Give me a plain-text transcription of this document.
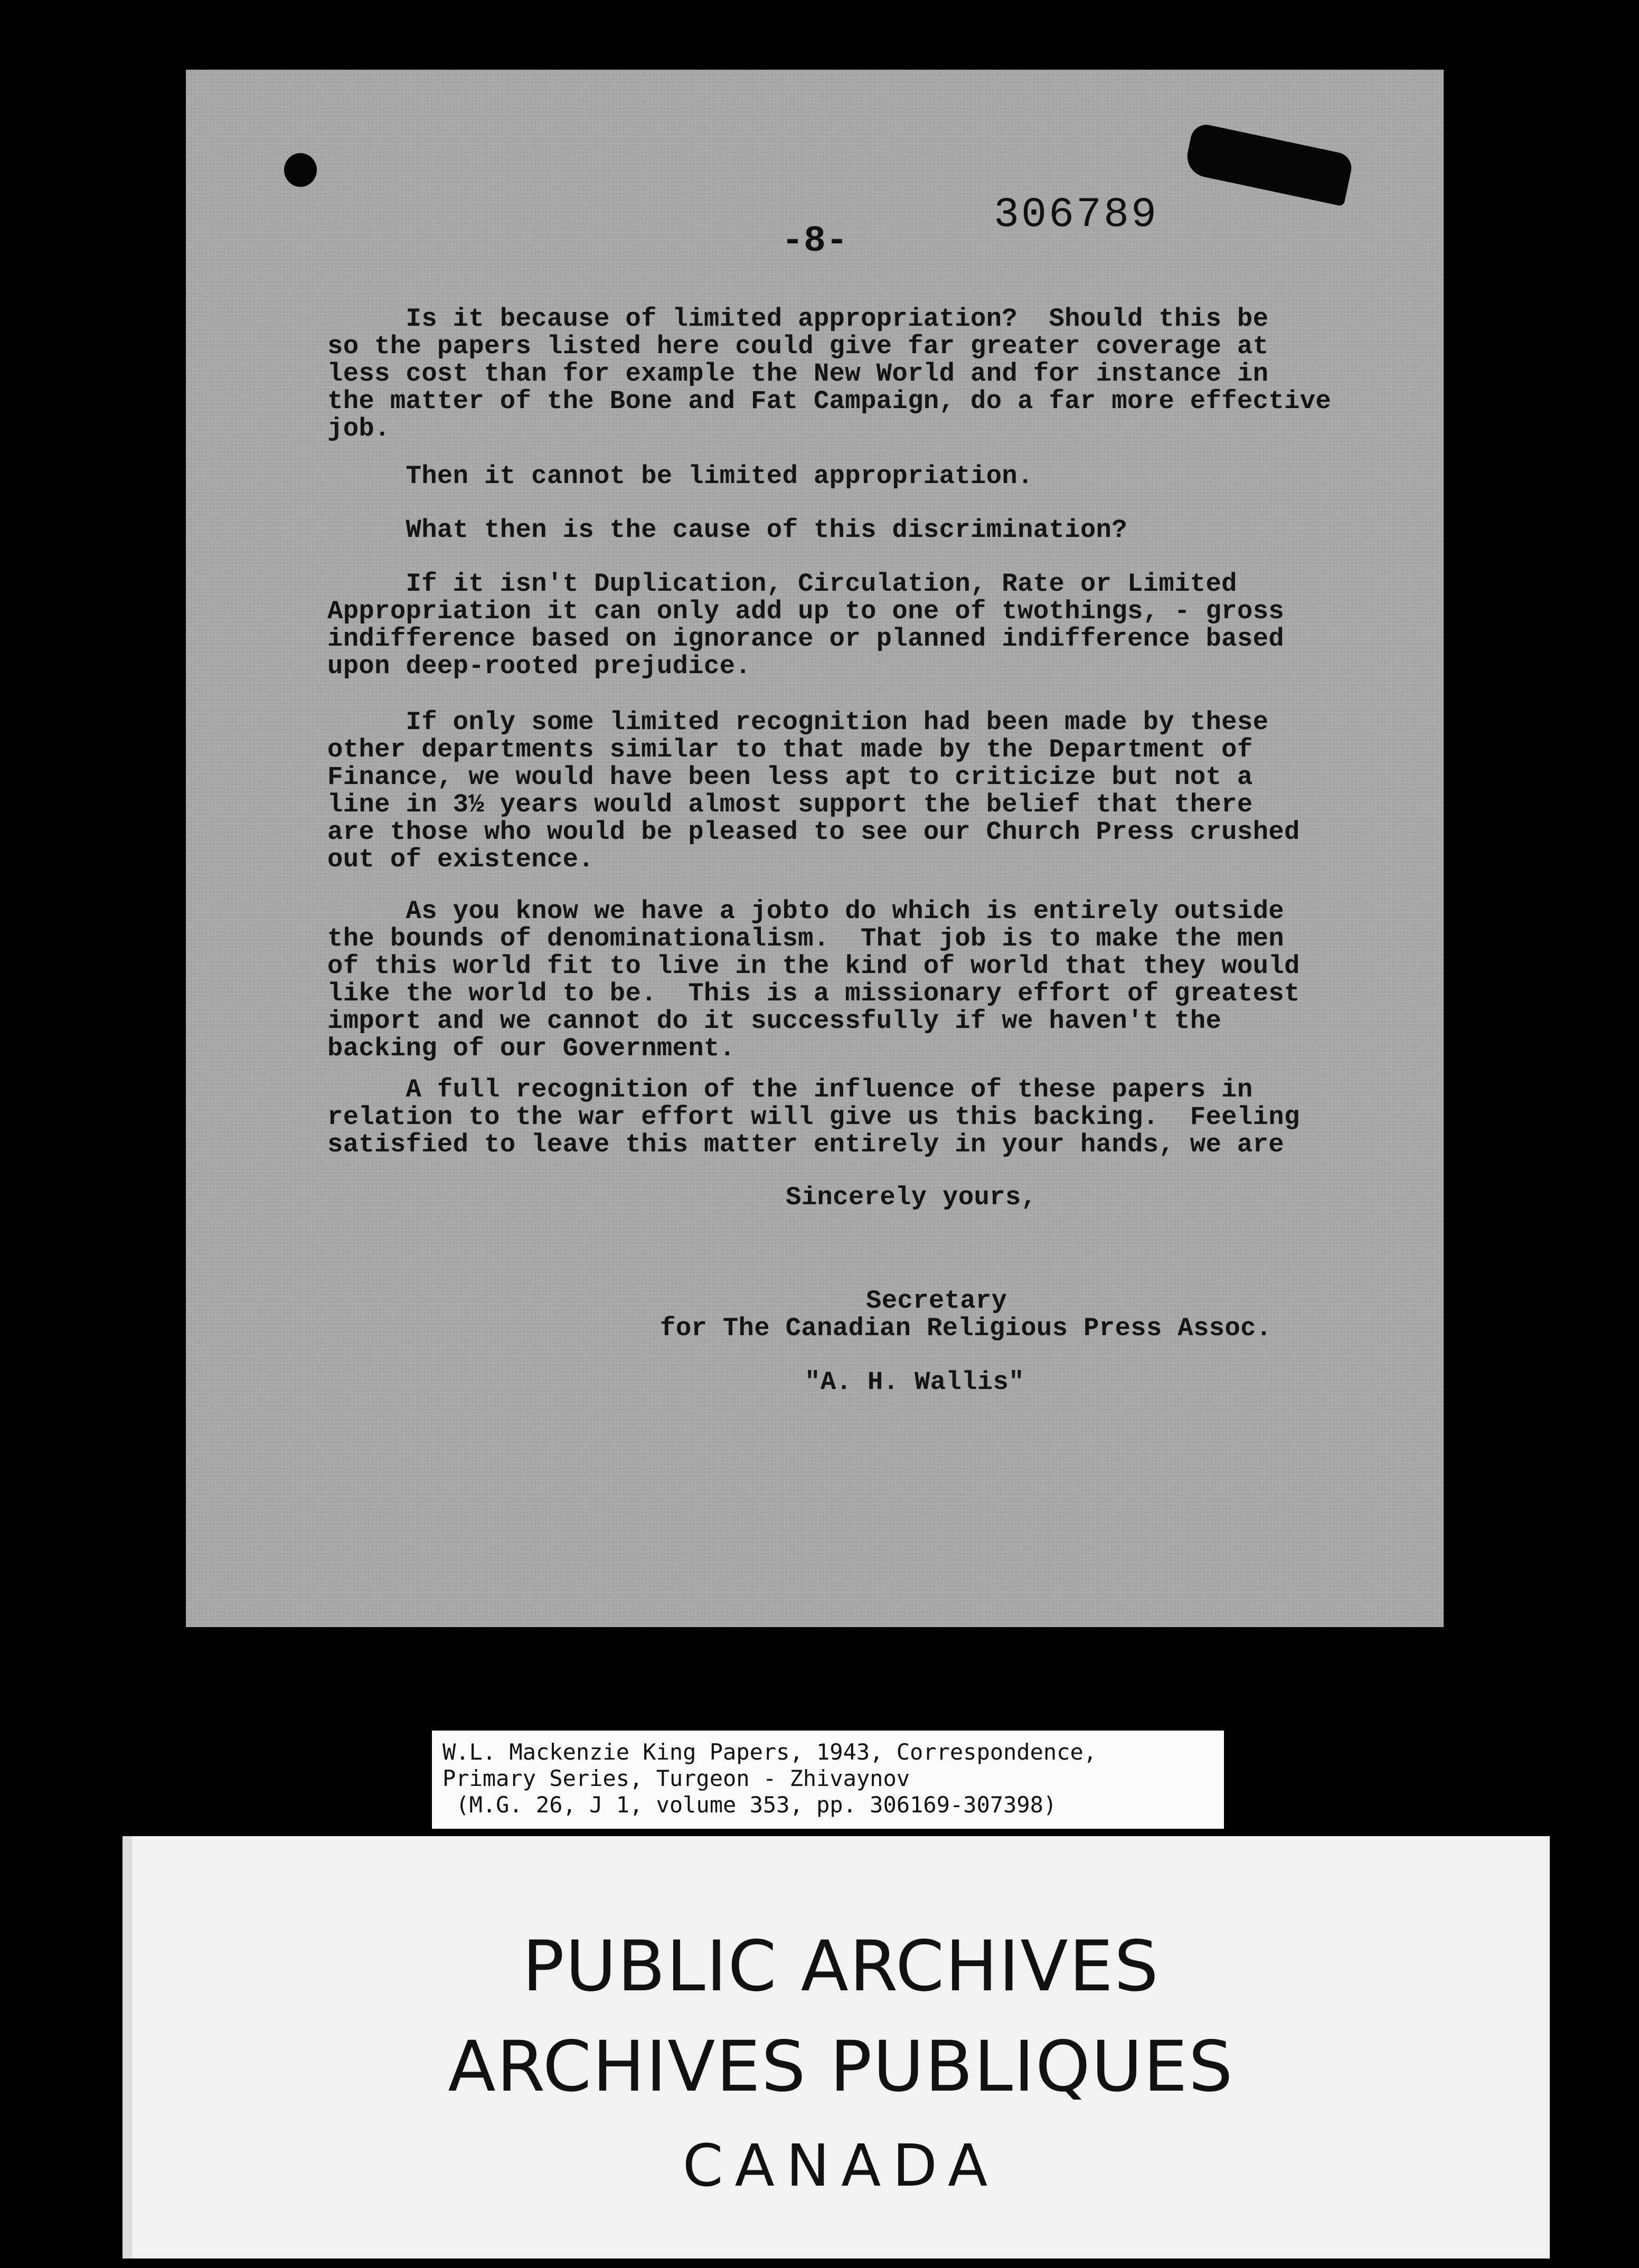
306789
-8-
Is it because of limited appropriation?  Should this be
so the papers listed here could give far greater coverage at
less cost than for example the New World and for instance in
the matter of the Bone and Fat Campaign, do a far more effective
job.
Then it cannot be limited appropriation.
What then is the cause of this discrimination?
If it isn't Duplication, Circulation, Rate or Limited
Appropriation it can only add up to one of twothings, - gross
indifference based on ignorance or planned indifference based
upon deep-rooted prejudice.
If only some limited recognition had been made by these
other departments similar to that made by the Department of
Finance, we would have been less apt to criticize but not a
line in 3½ years would almost support the belief that there
are those who would be pleased to see our Church Press crushed
out of existence.
As you know we have a jobto do which is entirely outside
the bounds of denominationalism.  That job is to make the men
of this world fit to live in the kind of world that they would
like the world to be.  This is a missionary effort of greatest
import and we cannot do it successfully if we haven't the
backing of our Government.
A full recognition of the influence of these papers in
relation to the war effort will give us this backing.  Feeling
satisfied to leave this matter entirely in your hands, we are
Sincerely yours,
Secretary
for The Canadian Religious Press Assoc.
"A. H. Wallis"
W.L. Mackenzie King Papers, 1943, Correspondence,
Primary Series, Turgeon - Zhivaynov
(M.G. 26, J 1, volume 353, pp. 306169-307398)
PUBLIC ARCHIVES
ARCHIVES PUBLIQUES
CANADA
